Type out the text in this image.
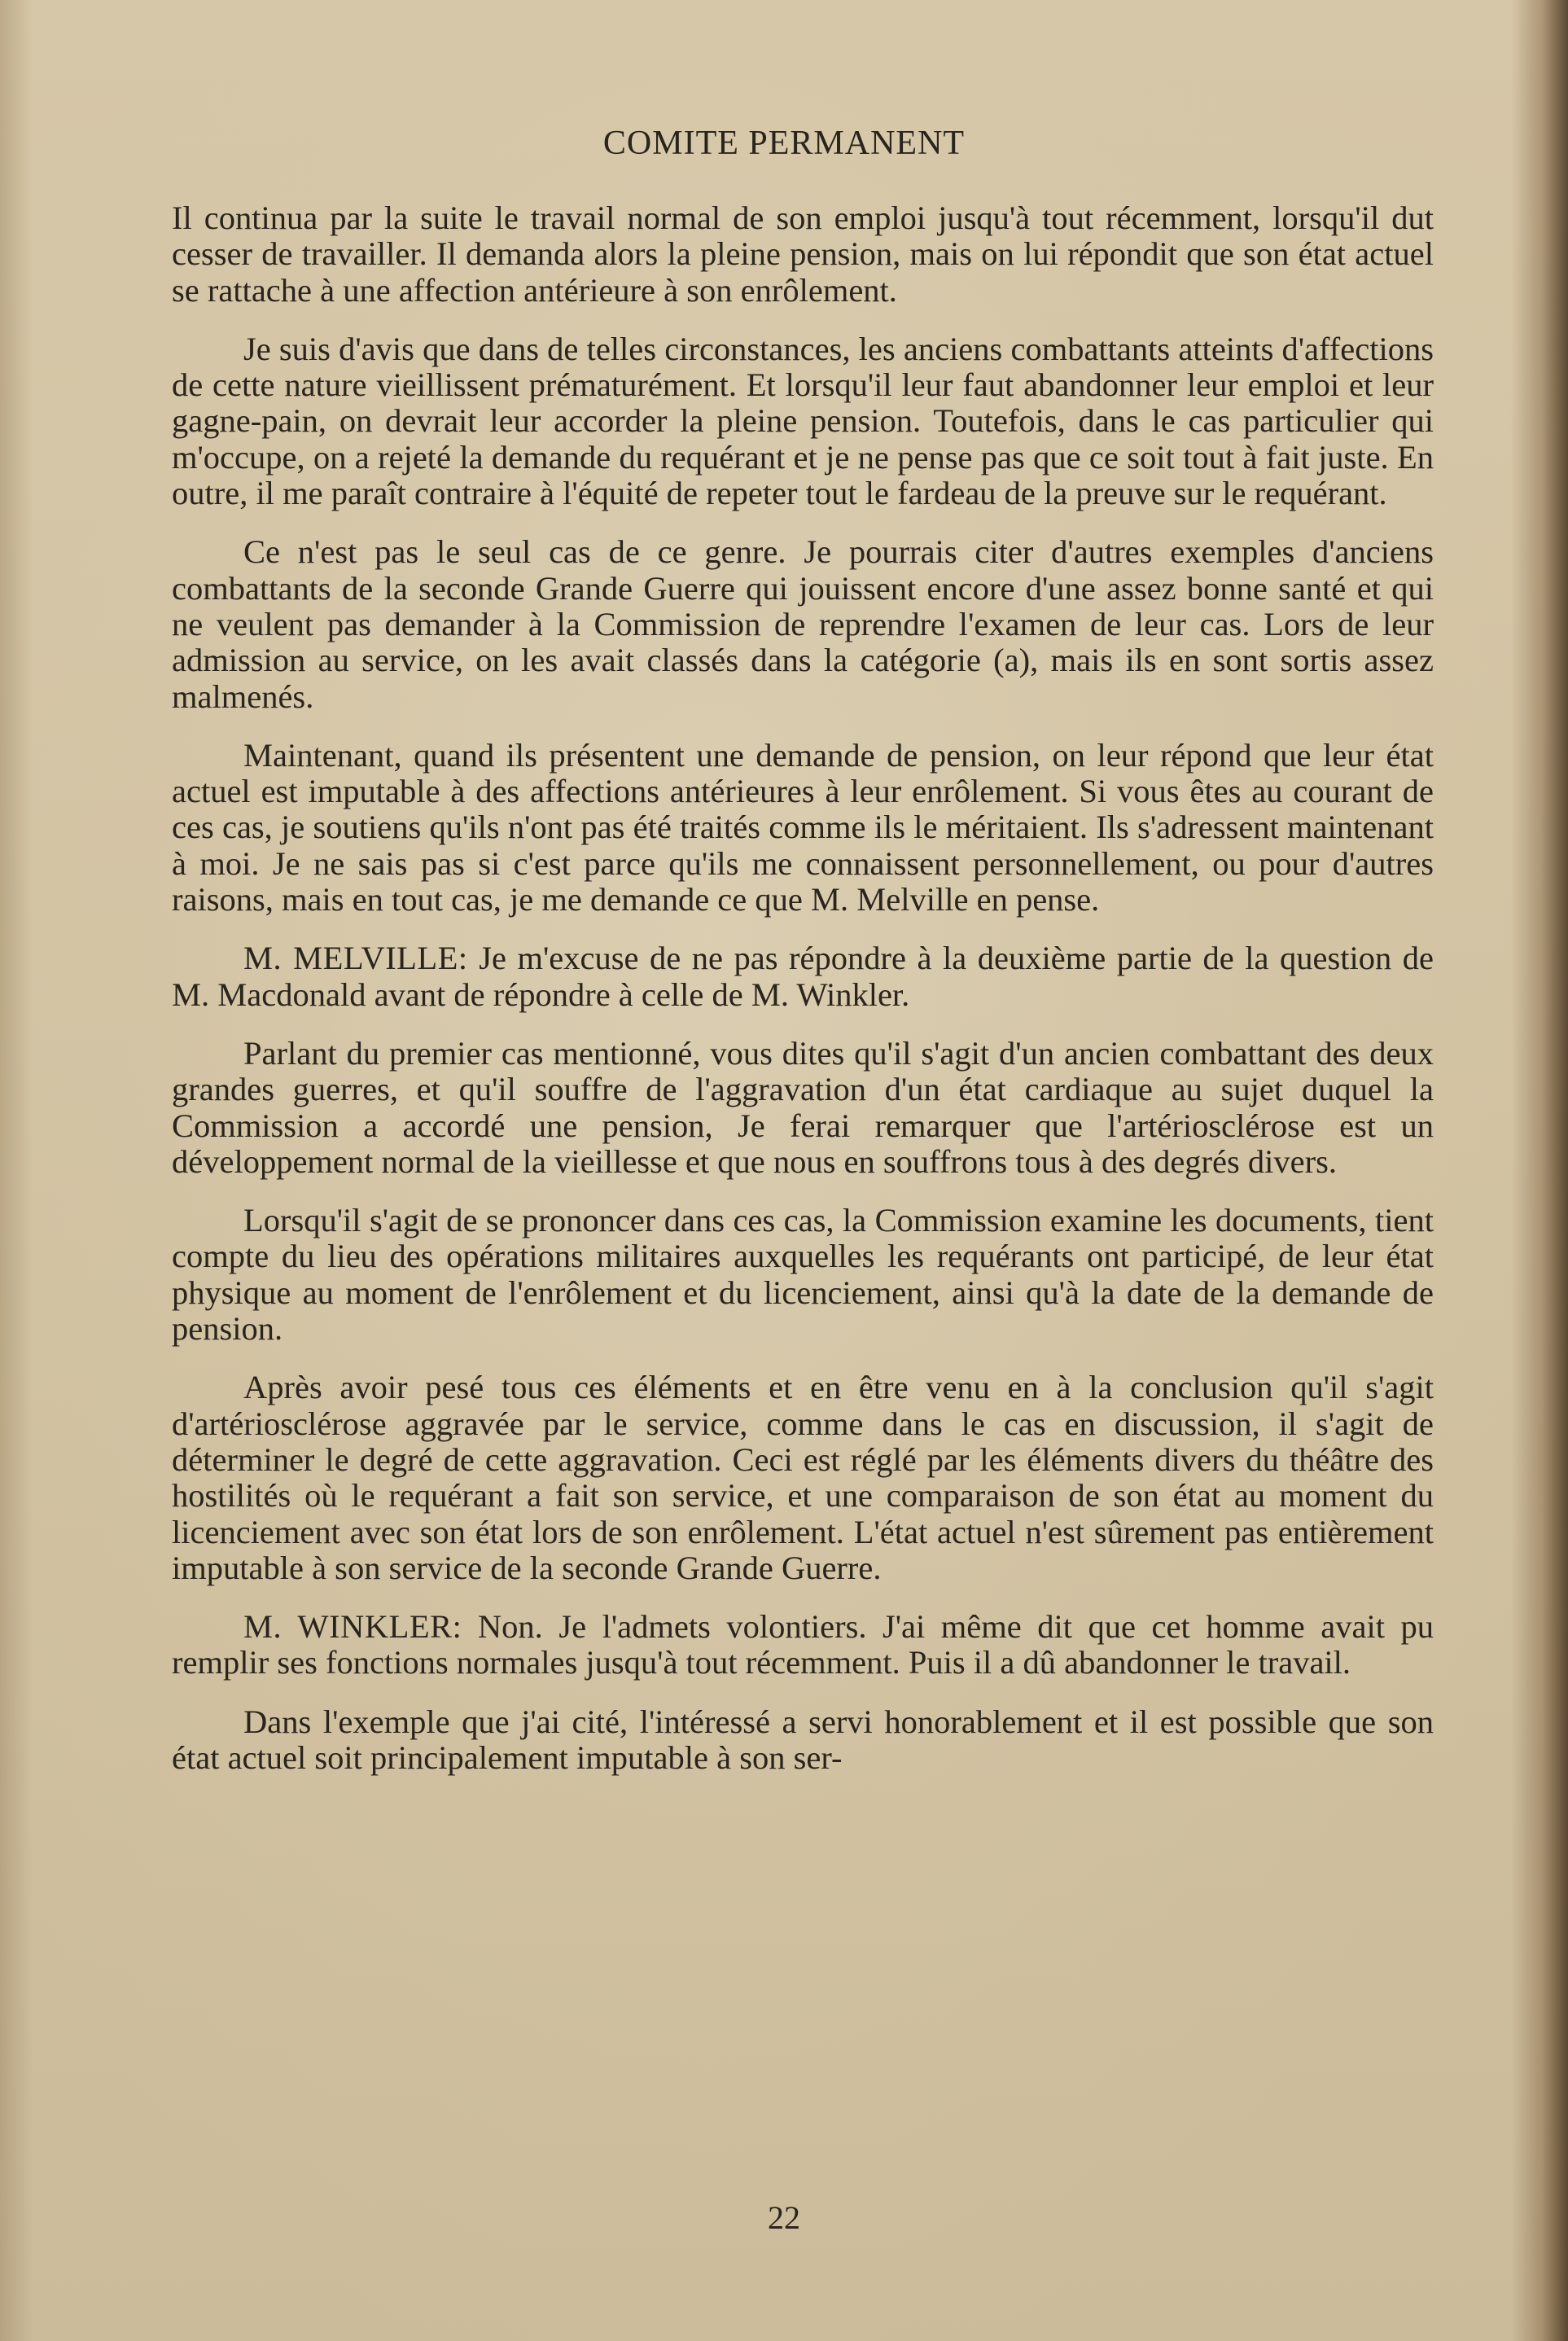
COMITE PERMANENT

Il continua par la suite le travail normal de son emploi jusqu'à tout récemment, lorsqu'il dut cesser de travailler. Il demanda alors la pleine pension, mais on lui répondit que son état actuel se rattache à une affection antérieure à son enrôlement.

Je suis d'avis que dans de telles circonstances, les anciens combattants atteints d'affections de cette nature vieillissent prématurément. Et lorsqu'il leur faut abandonner leur emploi et leur gagne-pain, on devrait leur accorder la pleine pension. Toutefois, dans le cas particulier qui m'occupe, on a rejeté la demande du requérant et je ne pense pas que ce soit tout à fait juste. En outre, il me paraît contraire à l'équité de repeter tout le fardeau de la preuve sur le requérant.

Ce n'est pas le seul cas de ce genre. Je pourrais citer d'autres exemples d'anciens combattants de la seconde Grande Guerre qui jouissent encore d'une assez bonne santé et qui ne veulent pas demander à la Commission de reprendre l'examen de leur cas. Lors de leur admission au service, on les avait classés dans la catégorie (a), mais ils en sont sortis assez malmenés.

Maintenant, quand ils présentent une demande de pension, on leur répond que leur état actuel est imputable à des affections antérieures à leur enrôlement. Si vous êtes au courant de ces cas, je soutiens qu'ils n'ont pas été traités comme ils le méritaient. Ils s'adressent maintenant à moi. Je ne sais pas si c'est parce qu'ils me connaissent personnellement, ou pour d'autres raisons, mais en tout cas, je me demande ce que M. Melville en pense.

M. MELVILLE: Je m'excuse de ne pas répondre à la deuxième partie de la question de M. Macdonald avant de répondre à celle de M. Winkler.

Parlant du premier cas mentionné, vous dites qu'il s'agit d'un ancien combattant des deux grandes guerres, et qu'il souffre de l'aggravation d'un état cardiaque au sujet duquel la Commission a accordé une pension, Je ferai remarquer que l'artériosclérose est un développement normal de la vieillesse et que nous en souffrons tous à des degrés divers.

Lorsqu'il s'agit de se prononcer dans ces cas, la Commission examine les documents, tient compte du lieu des opérations militaires auxquelles les requérants ont participé, de leur état physique au moment de l'enrôlement et du licenciement, ainsi qu'à la date de la demande de pension.

Après avoir pesé tous ces éléments et en être venu en à la conclusion qu'il s'agit d'artériosclérose aggravée par le service, comme dans le cas en discussion, il s'agit de déterminer le degré de cette aggravation. Ceci est réglé par les éléments divers du théâtre des hostilités où le requérant a fait son service, et une comparaison de son état au moment du licenciement avec son état lors de son enrôlement. L'état actuel n'est sûrement pas entièrement imputable à son service de la seconde Grande Guerre.

M. WINKLER: Non. Je l'admets volontiers. J'ai même dit que cet homme avait pu remplir ses fonctions normales jusqu'à tout récemment. Puis il a dû abandonner le travail.

Dans l'exemple que j'ai cité, l'intéressé a servi honorablement et il est possible que son état actuel soit principalement imputable à son ser-

22
